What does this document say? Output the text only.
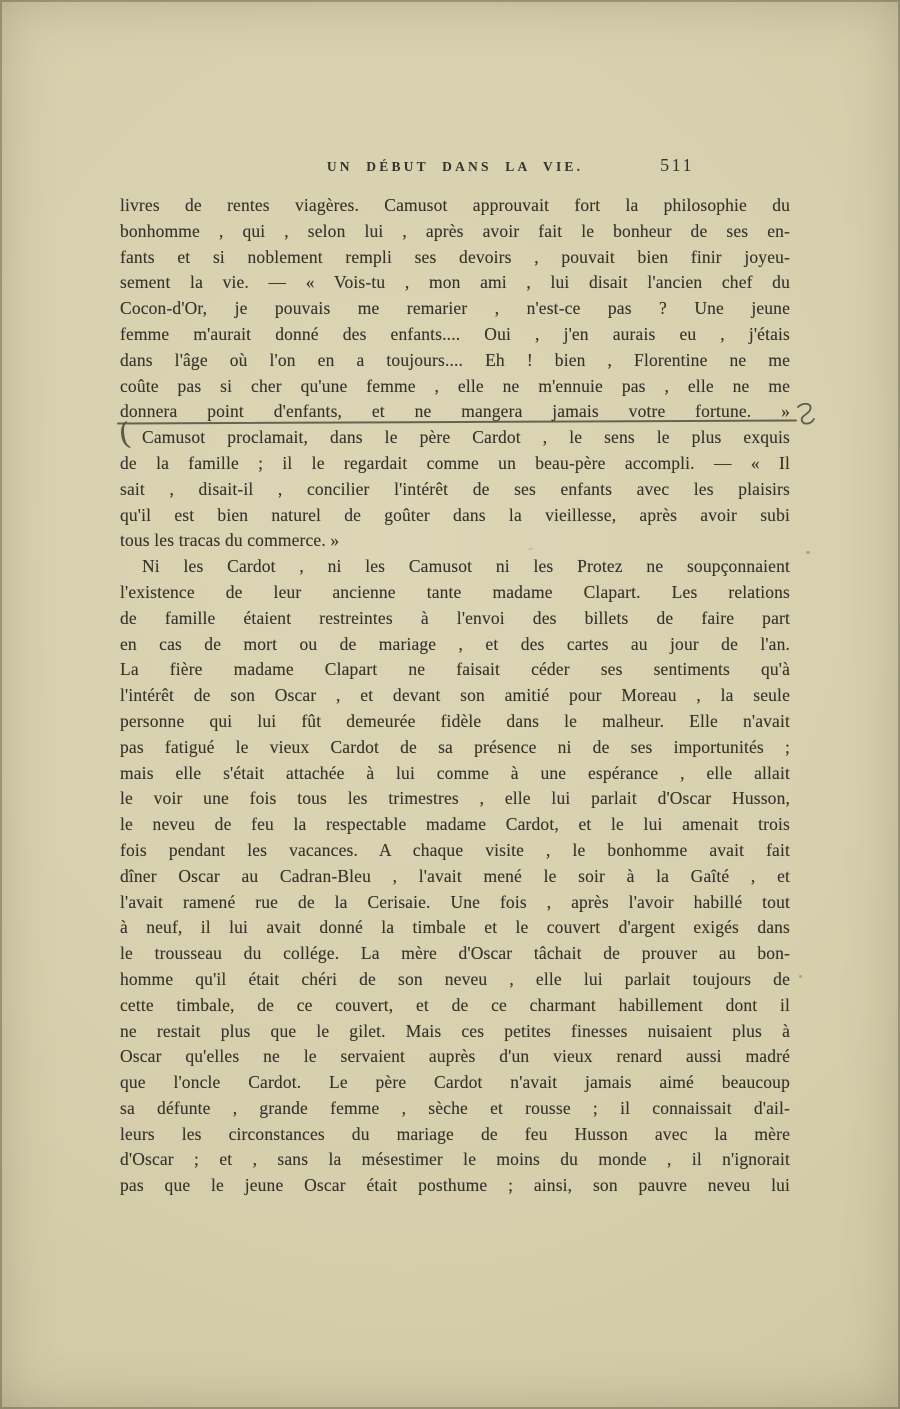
UN DÉBUT DANS LA VIE.	511
livres de rentes viagères. Camusot approuvait fort la philosophie du
bonhomme , qui , selon lui , après avoir fait le bonheur de ses en-
fants et si noblement rempli ses devoirs , pouvait bien finir joyeu-
sement la vie. — « Vois-tu , mon ami , lui disait l'ancien chef du
Cocon-d'Or, je pouvais me remarier , n'est-ce pas ? Une jeune
femme m'aurait donné des enfants.... Oui , j'en aurais eu , j'étais
dans l'âge où l'on en a toujours.... Eh ! bien , Florentine ne me
coûte pas si cher qu'une femme , elle ne m'ennuie pas , elle ne me
donnera point d'enfants, et ne mangera jamais votre fortune. »
( Camusot proclamait, dans le père Cardot , le sens le plus exquis
de la famille ; il le regardait comme un beau-père accompli. — « Il
sait , disait-il , concilier l'intérêt de ses enfants avec les plaisirs
qu'il est bien naturel de goûter dans la vieillesse, après avoir subi
tous les tracas du commerce. »
Ni les Cardot , ni les Camusot ni les Protez ne soupçonnaient
l'existence de leur ancienne tante madame Clapart. Les relations
de famille étaient restreintes à l'envoi des billets de faire part
en cas de mort ou de mariage , et des cartes au jour de l'an.
La fière madame Clapart ne faisait céder ses sentiments qu'à
l'intérêt de son Oscar , et devant son amitié pour Moreau , la seule
personne qui lui fût demeurée fidèle dans le malheur. Elle n'avait
pas fatigué le vieux Cardot de sa présence ni de ses importunités ;
mais elle s'était attachée à lui comme à une espérance , elle allait
le voir une fois tous les trimestres , elle lui parlait d'Oscar Husson,
le neveu de feu la respectable madame Cardot, et le lui amenait trois
fois pendant les vacances. A chaque visite , le bonhomme avait fait
dîner Oscar au Cadran-Bleu , l'avait mené le soir à la Gaîté , et
l'avait ramené rue de la Cerisaie. Une fois , après l'avoir habillé tout
à neuf, il lui avait donné la timbale et le couvert d'argent exigés dans
le trousseau du collége. La mère d'Oscar tâchait de prouver au bon-
homme qu'il était chéri de son neveu , elle lui parlait toujours de
cette timbale, de ce couvert, et de ce charmant habillement dont il
ne restait plus que le gilet. Mais ces petites finesses nuisaient plus à
Oscar qu'elles ne le servaient auprès d'un vieux renard aussi madré
que l'oncle Cardot. Le père Cardot n'avait jamais aimé beaucoup
sa défunte , grande femme , sèche et rousse ; il connaissait d'ail-
leurs les circonstances du mariage de feu Husson avec la mère
d'Oscar ; et , sans la mésestimer le moins du monde , il n'ignorait
pas que le jeune Oscar était posthume ; ainsi, son pauvre neveu lui
